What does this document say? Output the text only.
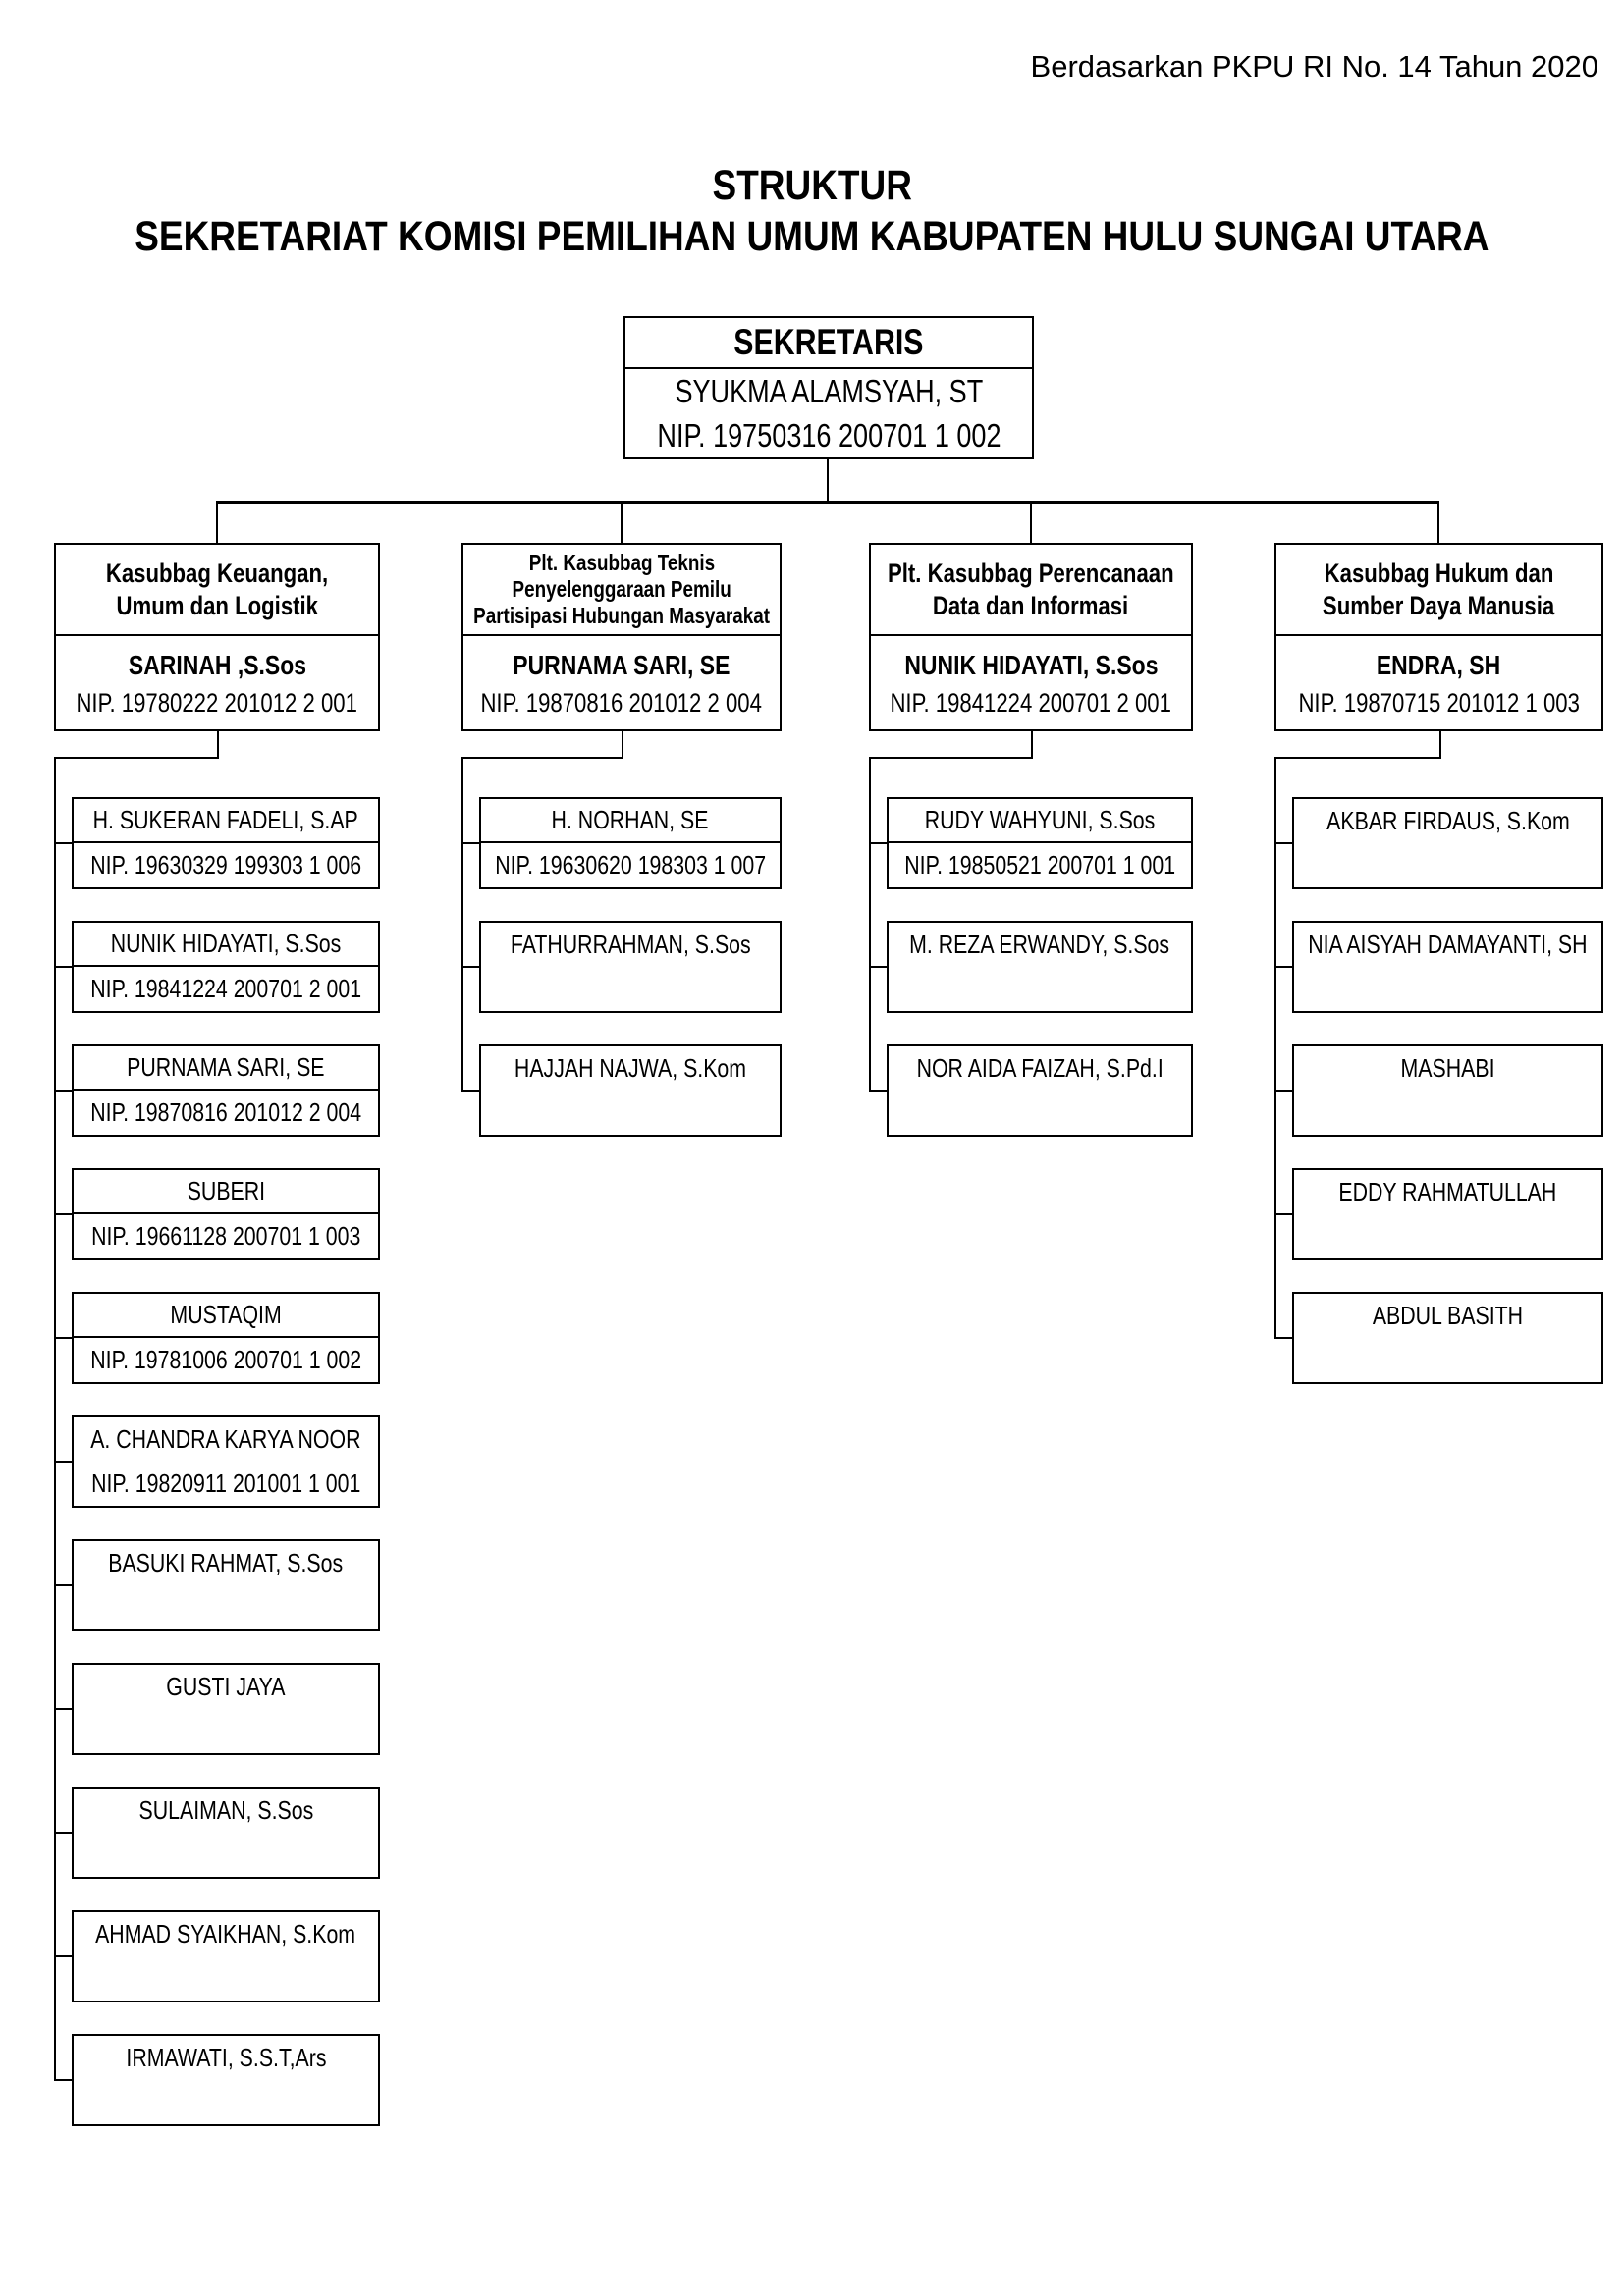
Berdasarkan PKPU RI No. 14 Tahun 2020
STRUKTUR
SEKRETARIAT KOMISI PEMILIHAN UMUM KABUPATEN HULU SUNGAI UTARA
SEKRETARIS
SYUKMA ALAMSYAH, ST
NIP. 19750316 200701 1 002
Kasubbag Keuangan,
Umum dan Logistik
SARINAH ,S.Sos
NIP. 19780222 201012 2 001
H. SUKERAN FADELI, S.AP
NIP. 19630329 199303 1 006
NUNIK HIDAYATI, S.Sos
NIP. 19841224 200701 2 001
PURNAMA SARI, SE
NIP. 19870816 201012 2 004
SUBERI
NIP. 19661128 200701 1 003
MUSTAQIM
NIP. 19781006 200701 1 002
A. CHANDRA KARYA NOOR
NIP. 19820911 201001 1 001
BASUKI RAHMAT, S.Sos
GUSTI JAYA
SULAIMAN, S.Sos
AHMAD SYAIKHAN, S.Kom
IRMAWATI, S.S.T,Ars
Plt. Kasubbag Teknis
Penyelenggaraan Pemilu
Partisipasi Hubungan Masyarakat
PURNAMA SARI, SE
NIP. 19870816 201012 2 004
H. NORHAN, SE
NIP. 19630620 198303 1 007
FATHURRAHMAN, S.Sos
HAJJAH NAJWA, S.Kom
Plt. Kasubbag Perencanaan
Data dan Informasi
NUNIK HIDAYATI, S.Sos
NIP. 19841224 200701 2 001
RUDY WAHYUNI, S.Sos
NIP. 19850521 200701 1 001
M. REZA ERWANDY, S.Sos
NOR AIDA FAIZAH, S.Pd.I
Kasubbag Hukum dan
Sumber Daya Manusia
ENDRA, SH
NIP. 19870715 201012 1 003
AKBAR FIRDAUS, S.Kom
NIA AISYAH DAMAYANTI, SH
MASHABI
EDDY RAHMATULLAH
ABDUL BASITH
